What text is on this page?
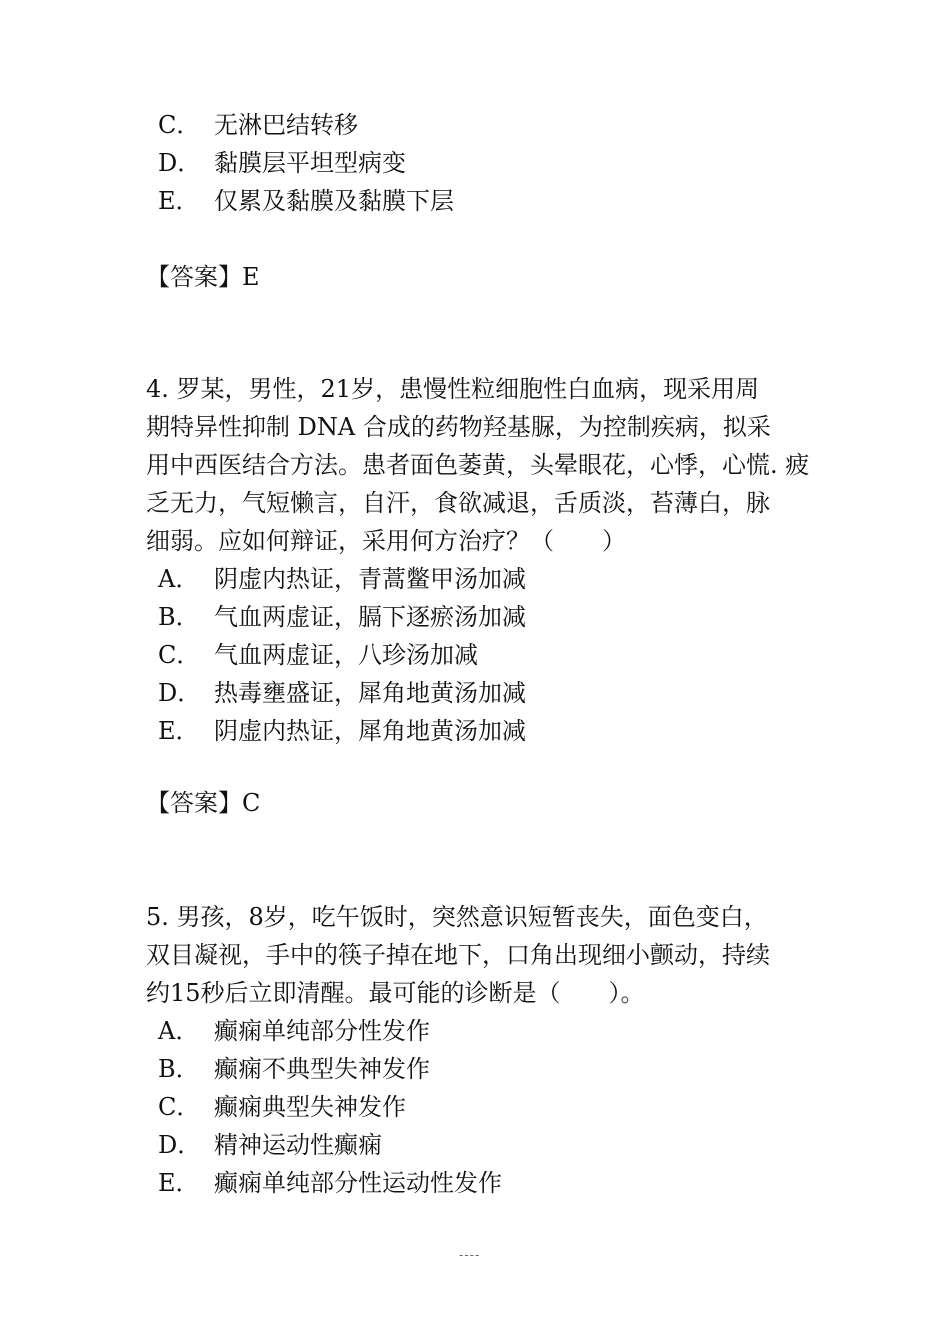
C． 无淋巴结转移
D． 黏膜层平坦型病变
E． 仅累及黏膜及黏膜下层
【答案】E
4. 罗某，男性，21岁，患慢性粒细胞性白血病，现采用周
期特异性抑制 DNA 合成的药物羟基脲，为控制疾病，拟采
用中西医结合方法。患者面色萎黄，头晕眼花，心悸，心慌. 疲
乏无力，气短懒言，自汗，食欲减退，舌质淡，苔薄白，脉
细弱。应如何辩证，采用何方治疗？（　　）
A． 阴虚内热证，青蒿鳖甲汤加减
B． 气血两虚证，膈下逐瘀汤加减
C． 气血两虚证，八珍汤加减
D． 热毒壅盛证，犀角地黄汤加减
E． 阴虚内热证，犀角地黄汤加减
【答案】C
5. 男孩，8岁，吃午饭时，突然意识短暂丧失，面色变白，
双目凝视，手中的筷子掉在地下，口角出现细小颤动，持续
约15秒后立即清醒。最可能的诊断是（　　）。
A． 癫痫单纯部分性发作
B． 癫痫不典型失神发作
C． 癫痫典型失神发作
D． 精神运动性癫痫
E． 癫痫单纯部分性运动性发作
----
